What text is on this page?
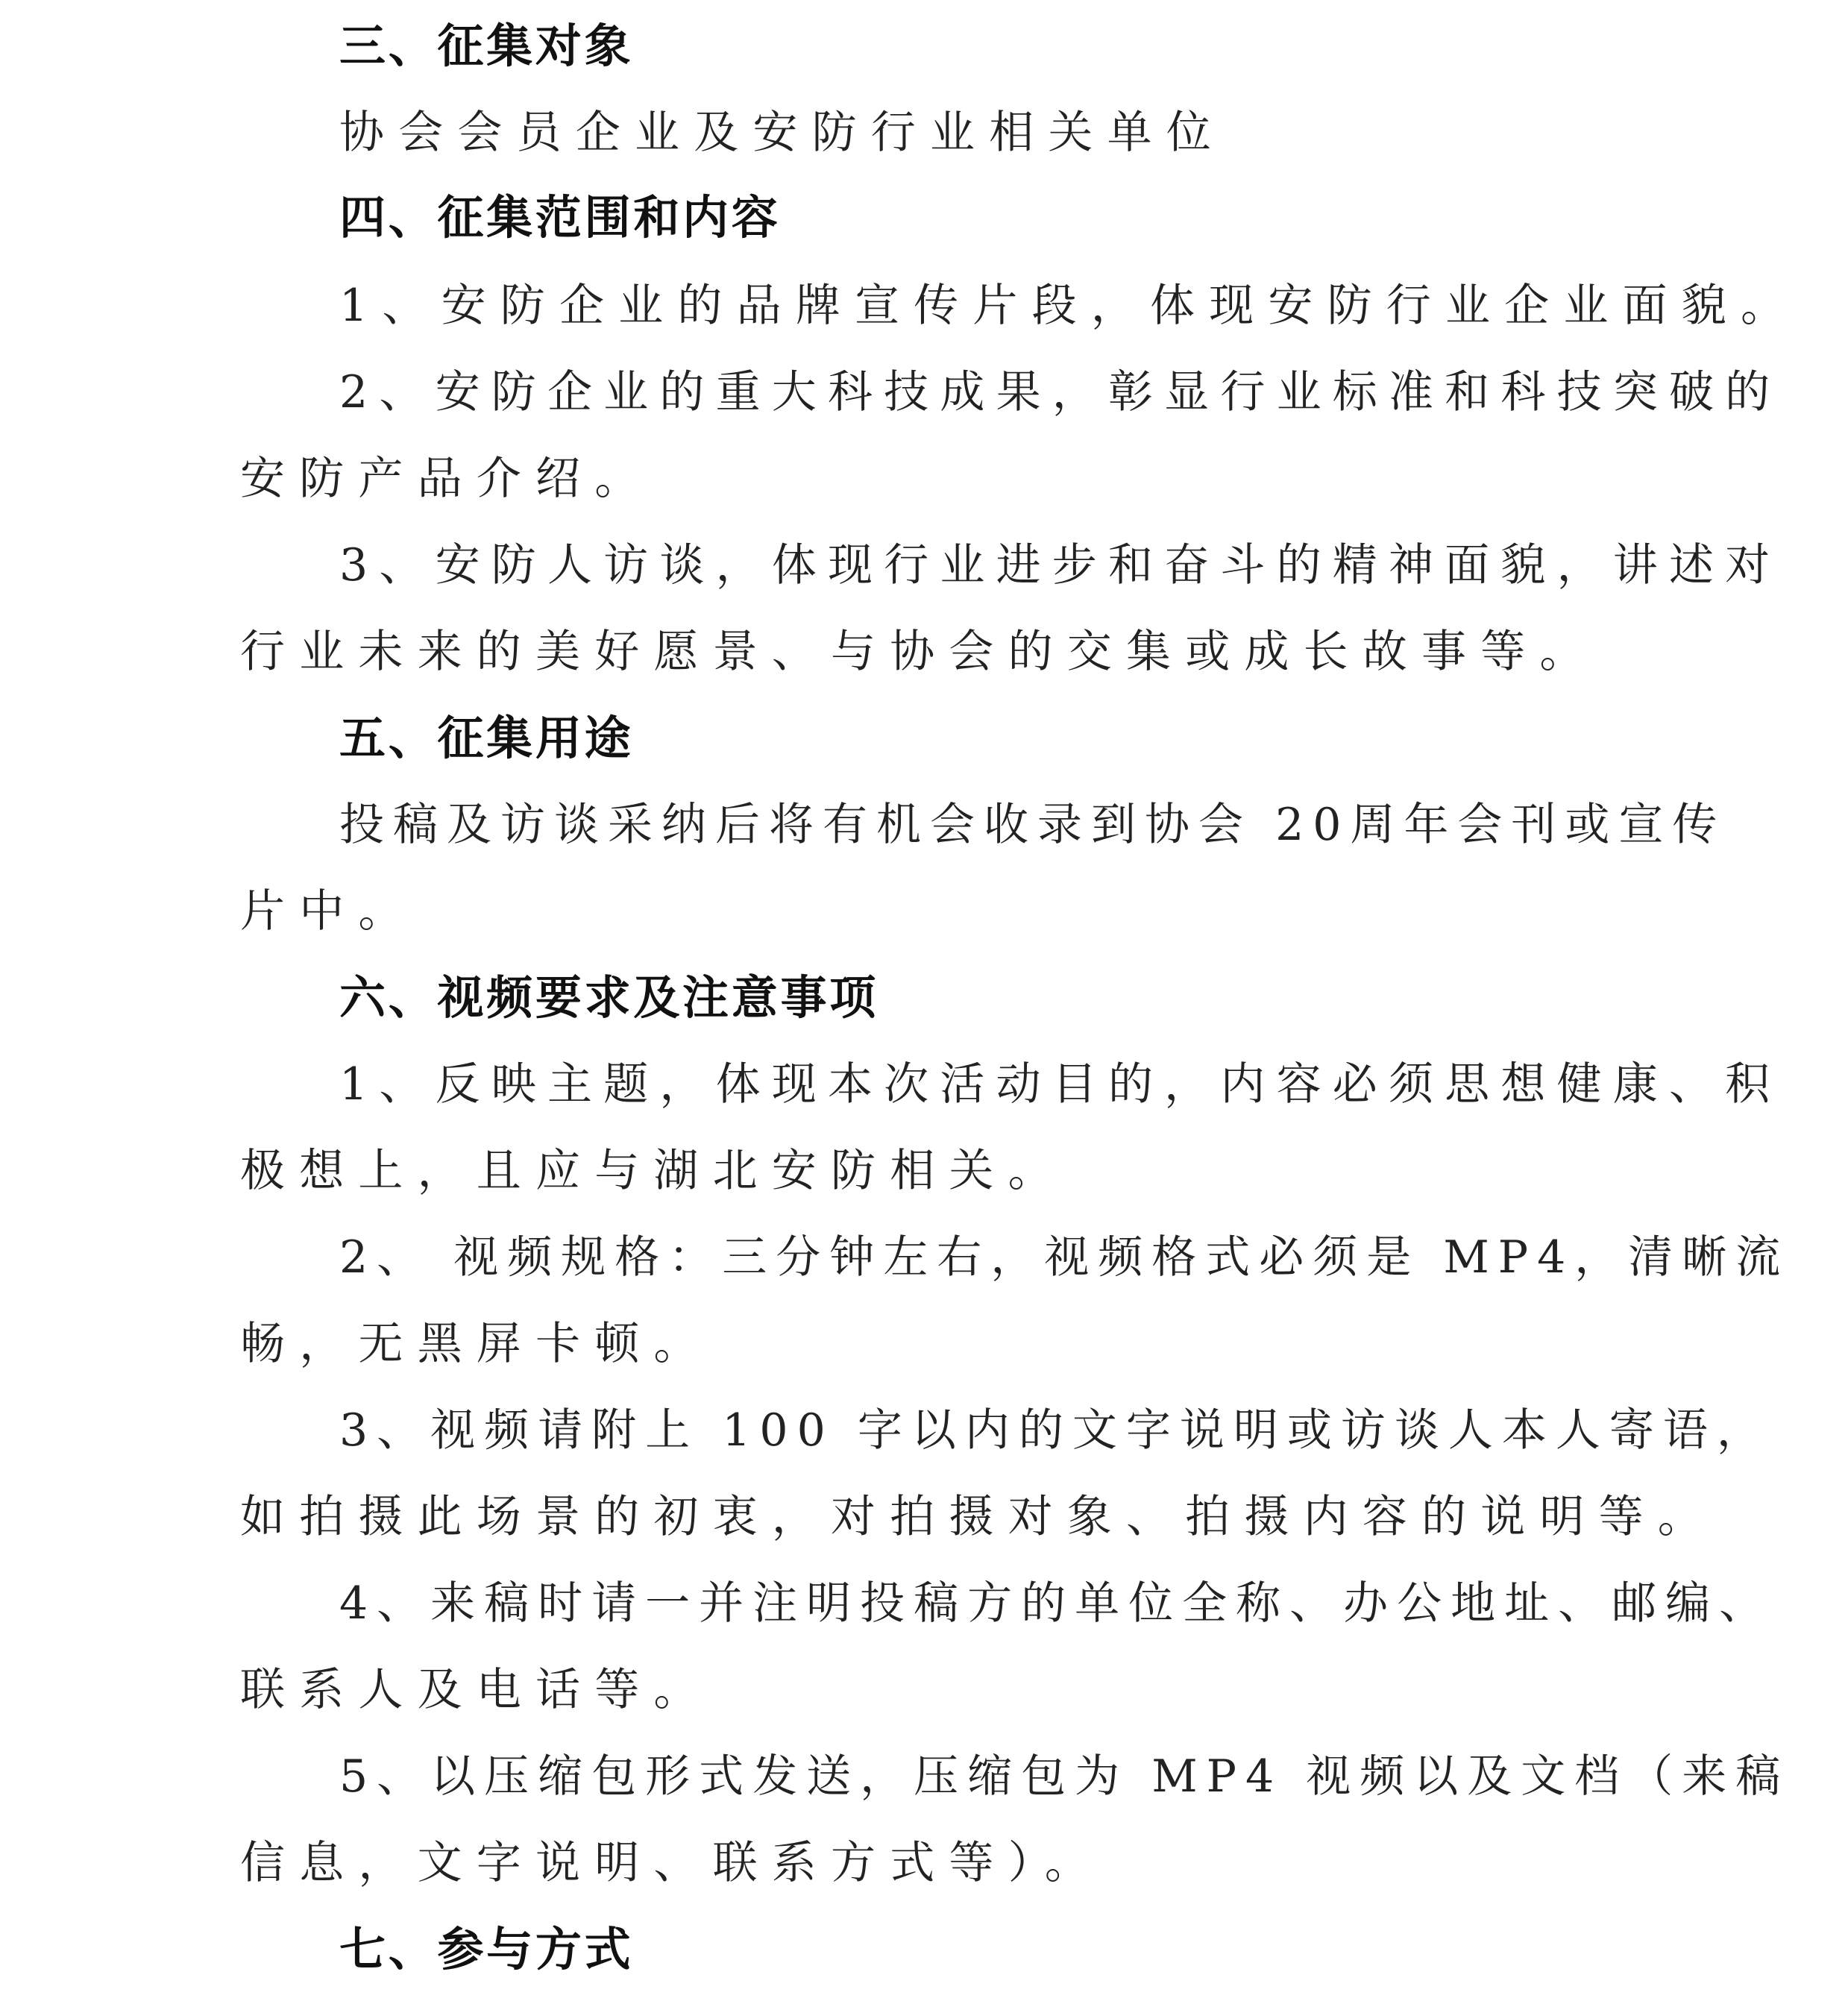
三、征集对象
协会会员企业及安防行业相关单位
四、征集范围和内容
1、安防企业的品牌宣传片段，体现安防行业企业面貌。
2、安防企业的重大科技成果，彰显行业标准和科技突破的
安防产品介绍。
3、安防人访谈，体现行业进步和奋斗的精神面貌，讲述对
行业未来的美好愿景、与协会的交集或成长故事等。
五、征集用途
投稿及访谈采纳后将有机会收录到协会 20周年会刊或宣传
片中。
六、视频要求及注意事项
1、反映主题，体现本次活动目的，内容必须思想健康、积
极想上，且应与湖北安防相关。
2、 视频规格：三分钟左右，视频格式必须是 MP4，清晰流
畅，无黑屏卡顿。
3、视频请附上 100 字以内的文字说明或访谈人本人寄语，
如拍摄此场景的初衷，对拍摄对象、拍摄内容的说明等。
4、来稿时请一并注明投稿方的单位全称、办公地址、邮编、
联系人及电话等。
5、以压缩包形式发送，压缩包为 MP4 视频以及文档（来稿
信息，文字说明、联系方式等）。
七、参与方式
